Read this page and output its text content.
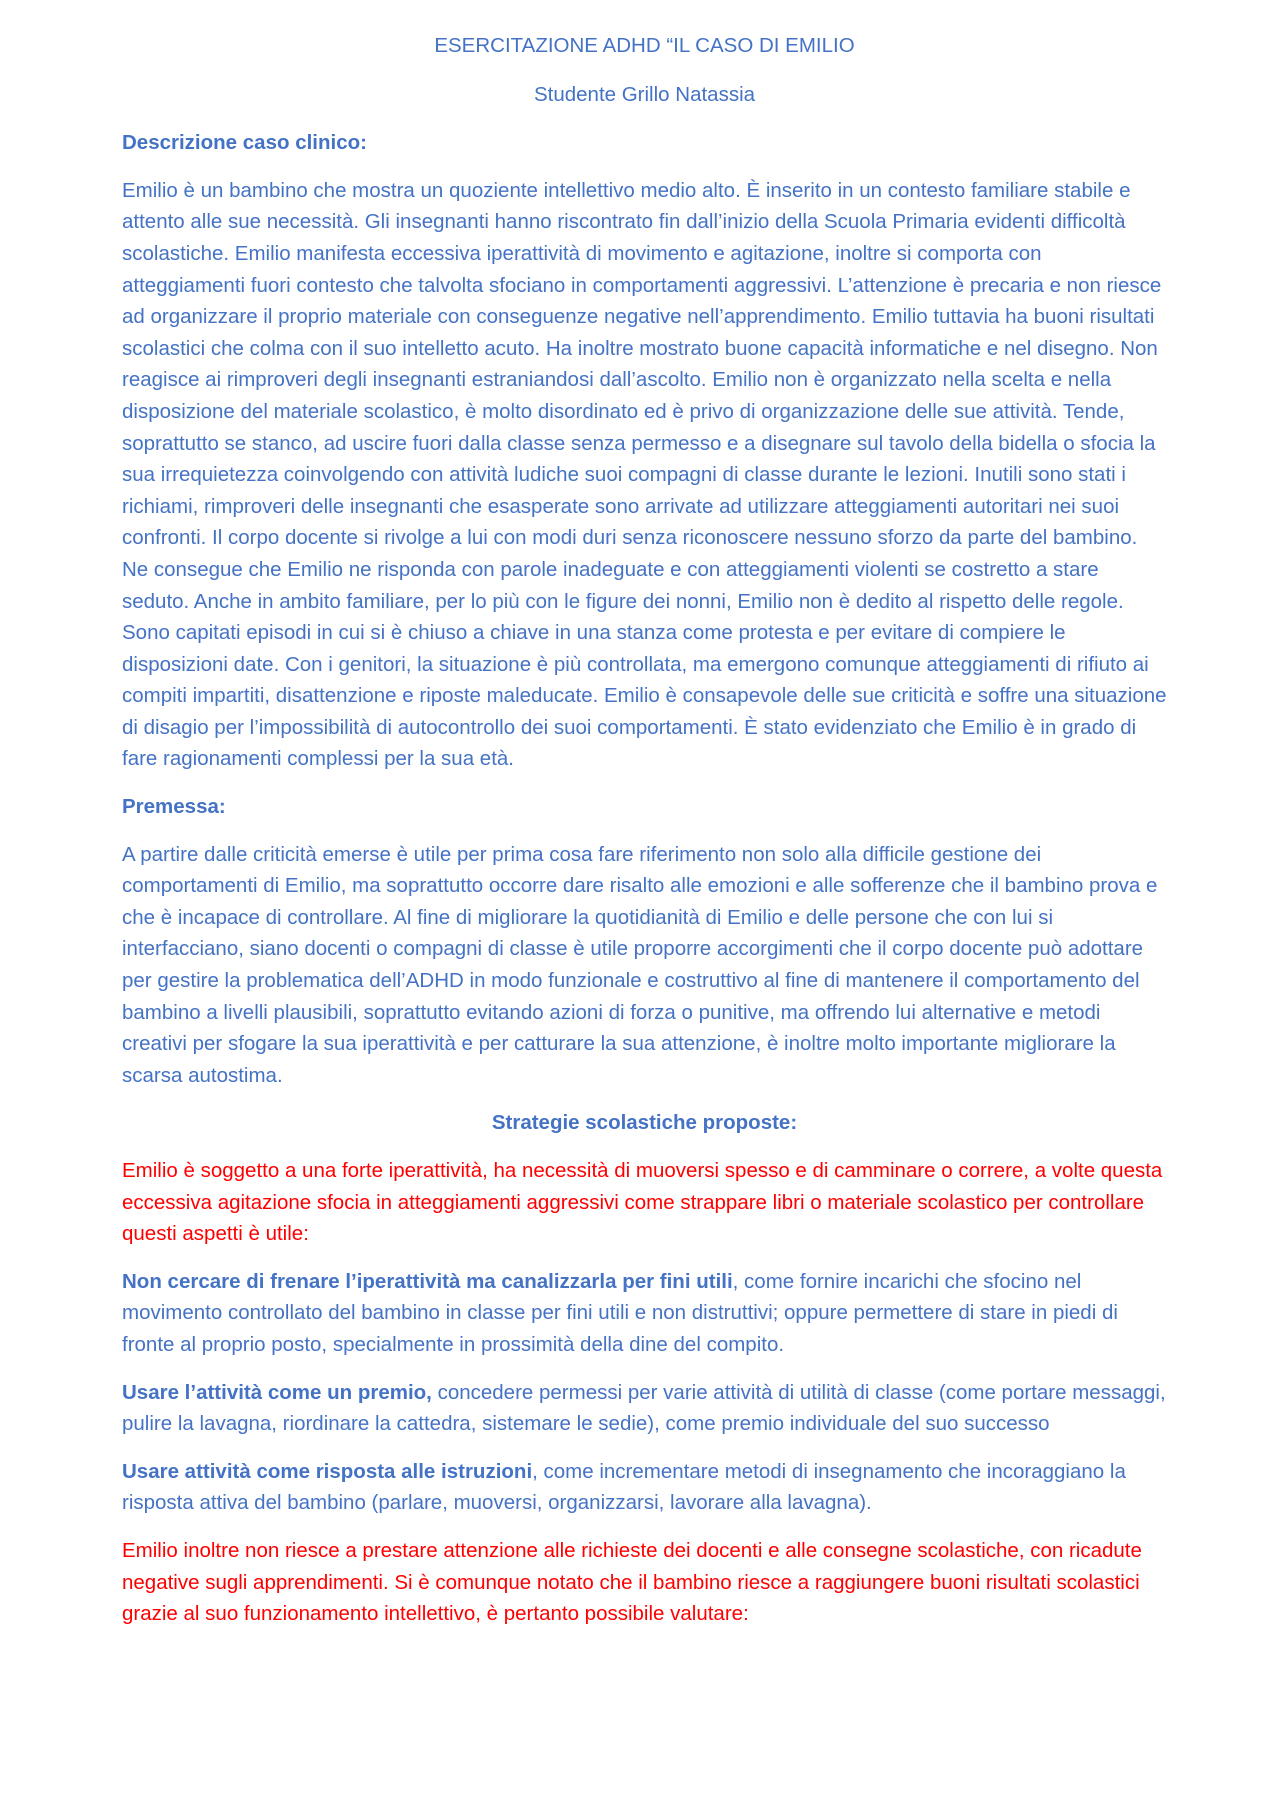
ESERCITAZIONE ADHD “IL CASO DI EMILIO

Studente Grillo Natassia

Descrizione caso clinico:

Emilio è un bambino che mostra un quoziente intellettivo medio alto. È inserito in un contesto familiare stabile e attento alle sue necessità. Gli insegnanti hanno riscontrato fin dall’inizio della Scuola Primaria evidenti difficoltà scolastiche. Emilio manifesta eccessiva iperattività di movimento e agitazione, inoltre si comporta con atteggiamenti fuori contesto che talvolta sfociano in comportamenti aggressivi. L’attenzione è precaria e non riesce ad organizzare il proprio materiale con conseguenze negative nell’apprendimento. Emilio tuttavia ha buoni risultati scolastici che colma con il suo intelletto acuto. Ha inoltre mostrato buone capacità informatiche e nel disegno. Non reagisce ai rimproveri degli insegnanti estraniandosi dall’ascolto. Emilio non è organizzato nella scelta e nella disposizione del materiale scolastico, è molto disordinato ed è privo di organizzazione delle sue attività. Tende, soprattutto se stanco, ad uscire fuori dalla classe senza permesso e a disegnare sul tavolo della bidella o sfocia la sua irrequietezza coinvolgendo con attività ludiche suoi compagni di classe durante le lezioni. Inutili sono stati i richiami, rimproveri delle insegnanti che esasperate sono arrivate ad utilizzare atteggiamenti autoritari nei suoi confronti. Il corpo docente si rivolge a lui con modi duri senza riconoscere nessuno sforzo da parte del bambino. Ne consegue che Emilio ne risponda con parole inadeguate e con atteggiamenti violenti se costretto a stare seduto. Anche in ambito familiare, per lo più con le figure dei nonni, Emilio non è dedito al rispetto delle regole. Sono capitati episodi in cui si è chiuso a chiave in una stanza come protesta e per evitare di compiere le disposizioni date. Con i genitori, la situazione è più controllata, ma emergono comunque atteggiamenti di rifiuto ai compiti impartiti, disattenzione e riposte maleducate. Emilio è consapevole delle sue criticità e soffre una situazione di disagio per l’impossibilità di autocontrollo dei suoi comportamenti. È stato evidenziato che Emilio è in grado di fare ragionamenti complessi per la sua età.

Premessa:

A partire dalle criticità emerse è utile per prima cosa fare riferimento non solo alla difficile gestione dei comportamenti di Emilio, ma soprattutto occorre dare risalto alle emozioni e alle sofferenze che il bambino prova e che è incapace di controllare. Al fine di migliorare la quotidianità di Emilio e delle persone che con lui si interfacciano, siano docenti o compagni di classe è utile proporre accorgimenti che il corpo docente può adottare per gestire la problematica dell’ADHD in modo funzionale e costruttivo al fine di mantenere il comportamento del bambino a livelli plausibili, soprattutto evitando azioni di forza o punitive, ma offrendo lui alternative e metodi creativi per sfogare la sua iperattività e per catturare la sua attenzione, è inoltre molto importante migliorare la scarsa autostima.

Strategie scolastiche proposte:

Emilio è soggetto a una forte iperattività, ha necessità di muoversi spesso e di camminare o correre, a volte questa eccessiva agitazione sfocia in atteggiamenti aggressivi come strappare libri o materiale scolastico per controllare questi aspetti è utile:

Non cercare di frenare l’iperattività ma canalizzarla per fini utili, come fornire incarichi che sfocino nel movimento controllato del bambino in classe per fini utili e non distruttivi; oppure permettere di stare in piedi di fronte al proprio posto, specialmente in prossimità della dine del compito.

Usare l’attività come un premio, concedere permessi per varie attività di utilità di classe (come portare messaggi, pulire la lavagna, riordinare la cattedra, sistemare le sedie), come premio individuale del suo successo

Usare attività come risposta alle istruzioni, come incrementare metodi di insegnamento che incoraggiano la risposta attiva del bambino (parlare, muoversi, organizzarsi, lavorare alla lavagna).

Emilio inoltre non riesce a prestare attenzione alle richieste dei docenti e alle consegne scolastiche, con ricadute negative sugli apprendimenti. Si è comunque notato che il bambino riesce a raggiungere buoni risultati scolastici grazie al suo funzionamento intellettivo, è pertanto possibile valutare:
